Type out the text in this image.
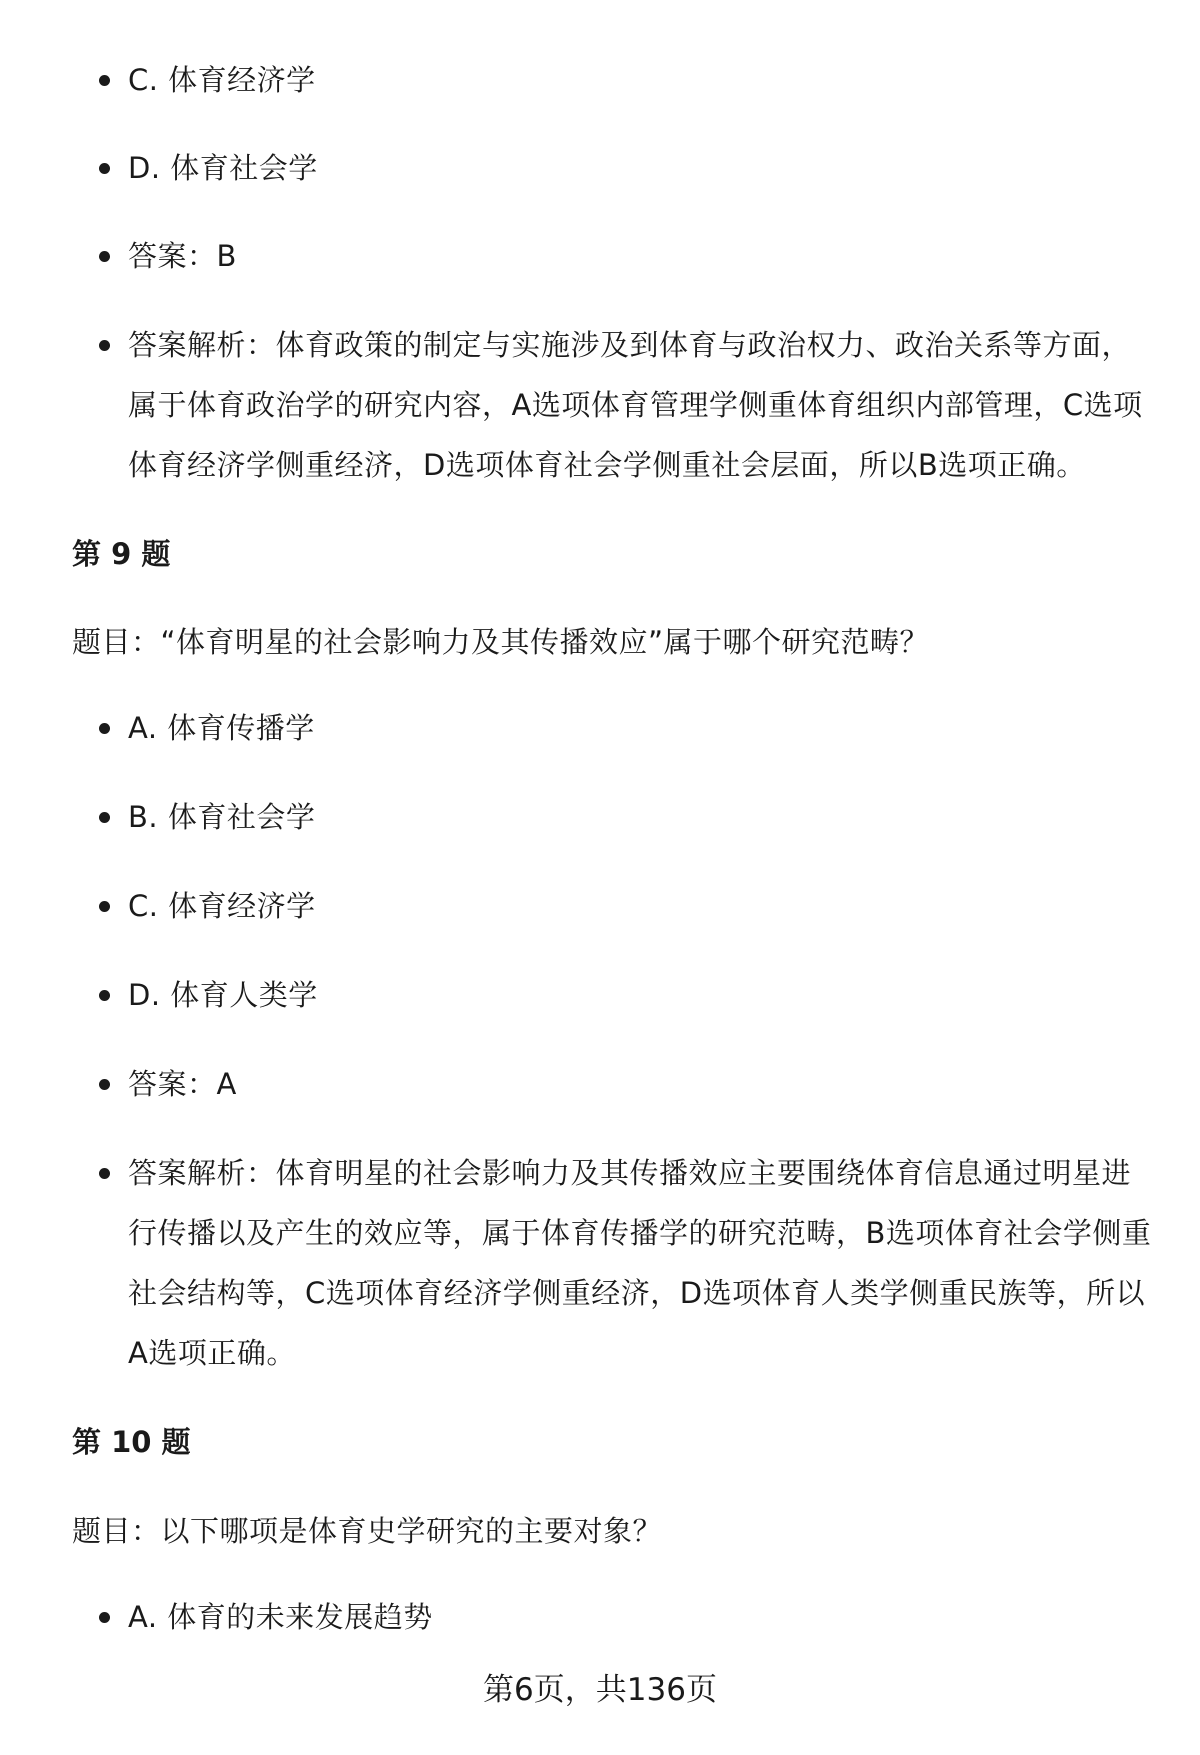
C. 体育经济学
D. 体育社会学
答案：B
答案解析：体育政策的制定与实施涉及到体育与政治权力、政治关系等方面，属于体育政治学的研究内容，A选项体育管理学侧重体育组织内部管理，C选项体育经济学侧重经济，D选项体育社会学侧重社会层面，所以B选项正确。
第 9 题
题目：“体育明星的社会影响力及其传播效应”属于哪个研究范畴？
A. 体育传播学
B. 体育社会学
C. 体育经济学
D. 体育人类学
答案：A
答案解析：体育明星的社会影响力及其传播效应主要围绕体育信息通过明星进行传播以及产生的效应等，属于体育传播学的研究范畴，B选项体育社会学侧重社会结构等，C选项体育经济学侧重经济，D选项体育人类学侧重民族等，所以A选项正确。
第 10 题
题目：以下哪项是体育史学研究的主要对象？
A. 体育的未来发展趋势
第6页，共136页
